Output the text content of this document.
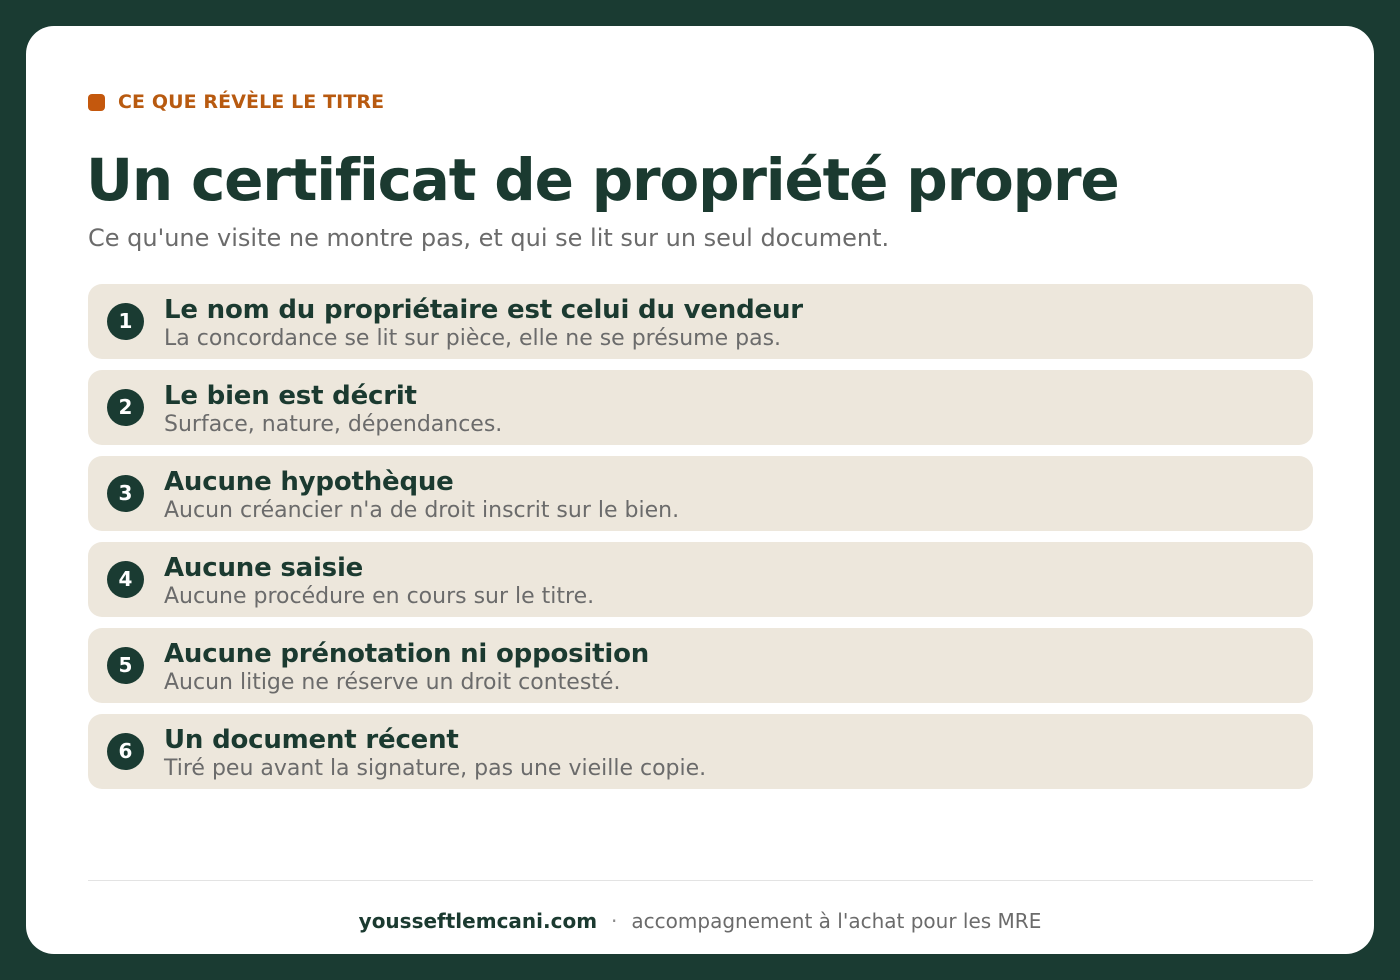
CE QUE RÉVÈLE LE TITRE
Un certificat de propriété propre
Ce qu'une visite ne montre pas, et qui se lit sur un seul document.
1	Le nom du propriétaire est celui du vendeur
La concordance se lit sur pièce, elle ne se présume pas.
2	Le bien est décrit
Surface, nature, dépendances.
3	Aucune hypothèque
Aucun créancier n'a de droit inscrit sur le bien.
4	Aucune saisie
Aucune procédure en cours sur le titre.
5	Aucune prénotation ni opposition
Aucun litige ne réserve un droit contesté.
6	Un document récent
Tiré peu avant la signature, pas une vieille copie.
yousseftlemcani.com · accompagnement à l'achat pour les MRE
